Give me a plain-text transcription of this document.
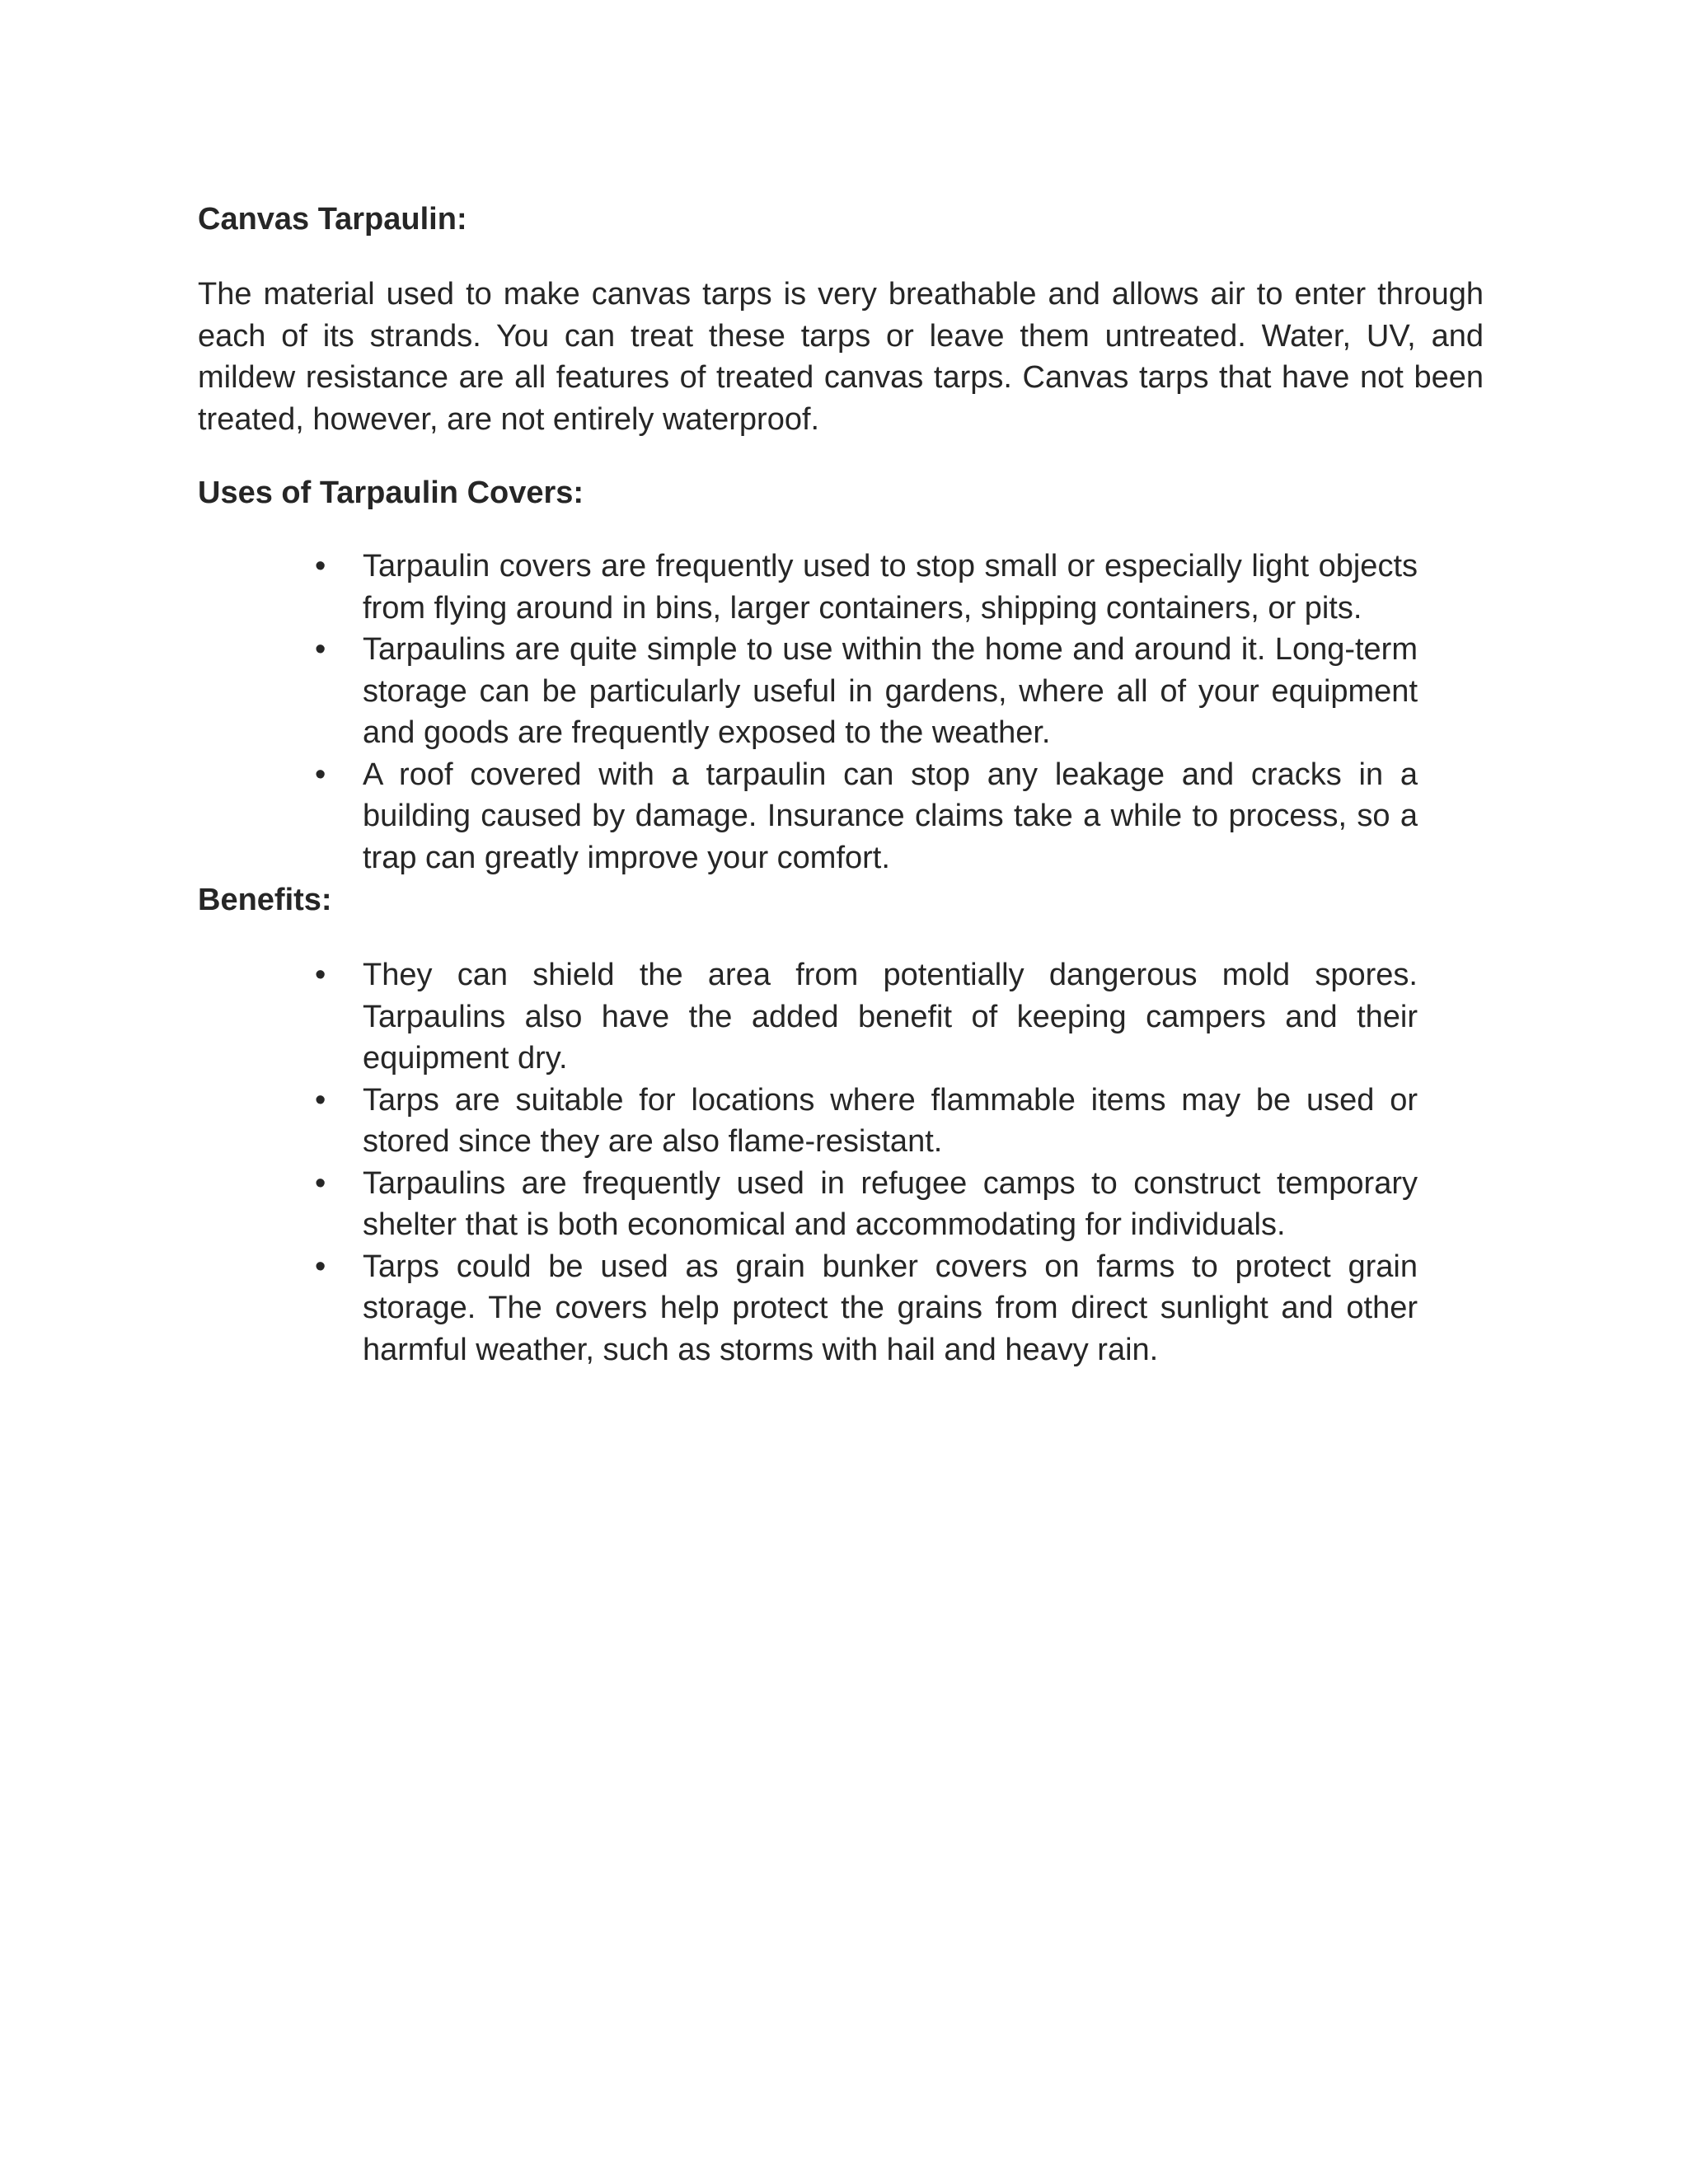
Canvas Tarpaulin:

The material used to make canvas tarps is very breathable and allows air to enter through each of its strands. You can treat these tarps or leave them untreated. Water, UV, and mildew resistance are all features of treated canvas tarps. Canvas tarps that have not been treated, however, are not entirely waterproof.

Uses of Tarpaulin Covers:
• Tarpaulin covers are frequently used to stop small or especially light objects from flying around in bins, larger containers, shipping containers, or pits.
• Tarpaulins are quite simple to use within the home and around it. Long-term storage can be particularly useful in gardens, where all of your equipment and goods are frequently exposed to the weather.
• A roof covered with a tarpaulin can stop any leakage and cracks in a building caused by damage. Insurance claims take a while to process, so a trap can greatly improve your comfort.
Benefits:
• They can shield the area from potentially dangerous mold spores. Tarpaulins also have the added benefit of keeping campers and their equipment dry.
• Tarps are suitable for locations where flammable items may be used or stored since they are also flame-resistant.
• Tarpaulins are frequently used in refugee camps to construct temporary shelter that is both economical and accommodating for individuals.
• Tarps could be used as grain bunker covers on farms to protect grain storage. The covers help protect the grains from direct sunlight and other harmful weather, such as storms with hail and heavy rain.
